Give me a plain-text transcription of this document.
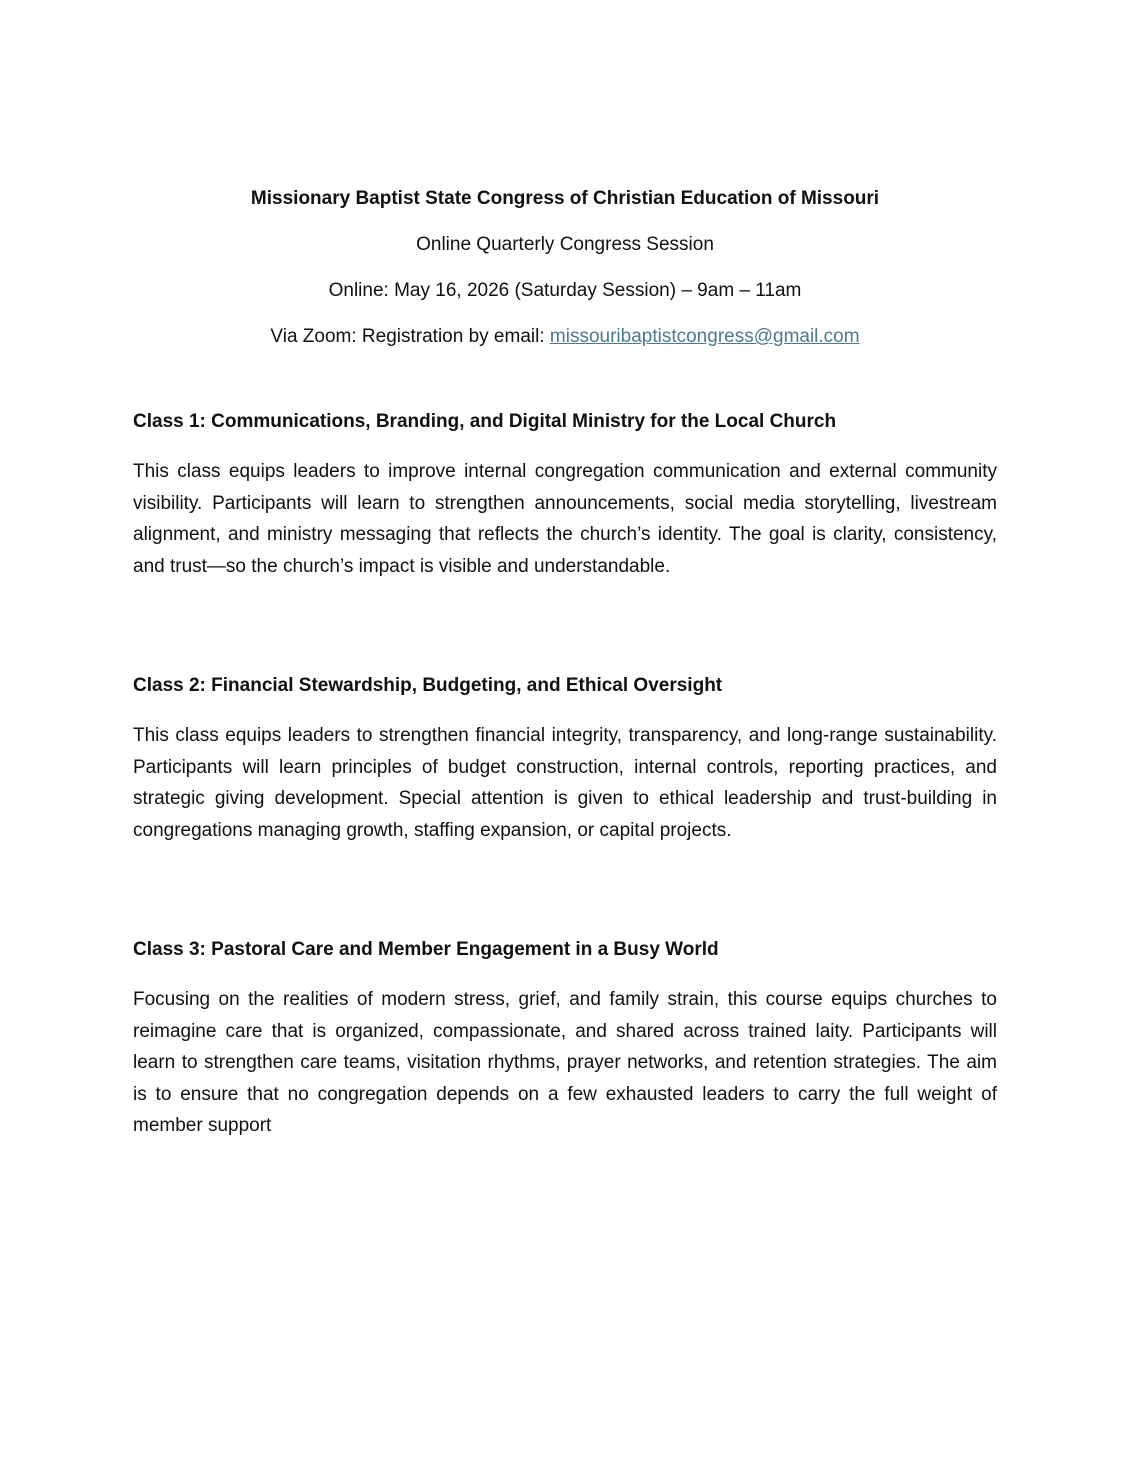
Missionary Baptist State Congress of Christian Education of Missouri
Online Quarterly Congress Session
Online: May 16, 2026 (Saturday Session) – 9am – 11am
Via Zoom: Registration by email: missouribaptistcongress@gmail.com
Class 1: Communications, Branding, and Digital Ministry for the Local Church

This class equips leaders to improve internal congregation communication and external community visibility. Participants will learn to strengthen announcements, social media storytelling, livestream alignment, and ministry messaging that reflects the church’s identity. The goal is clarity, consistency, and trust—so the church’s impact is visible and understandable.

Class 2: Financial Stewardship, Budgeting, and Ethical Oversight

This class equips leaders to strengthen financial integrity, transparency, and long-range sustainability. Participants will learn principles of budget construction, internal controls, reporting practices, and strategic giving development. Special attention is given to ethical leadership and trust-building in congregations managing growth, staffing expansion, or capital projects.

Class 3: Pastoral Care and Member Engagement in a Busy World

Focusing on the realities of modern stress, grief, and family strain, this course equips churches to reimagine care that is organized, compassionate, and shared across trained laity. Participants will learn to strengthen care teams, visitation rhythms, prayer networks, and retention strategies. The aim is to ensure that no congregation depends on a few exhausted leaders to carry the full weight of member support
